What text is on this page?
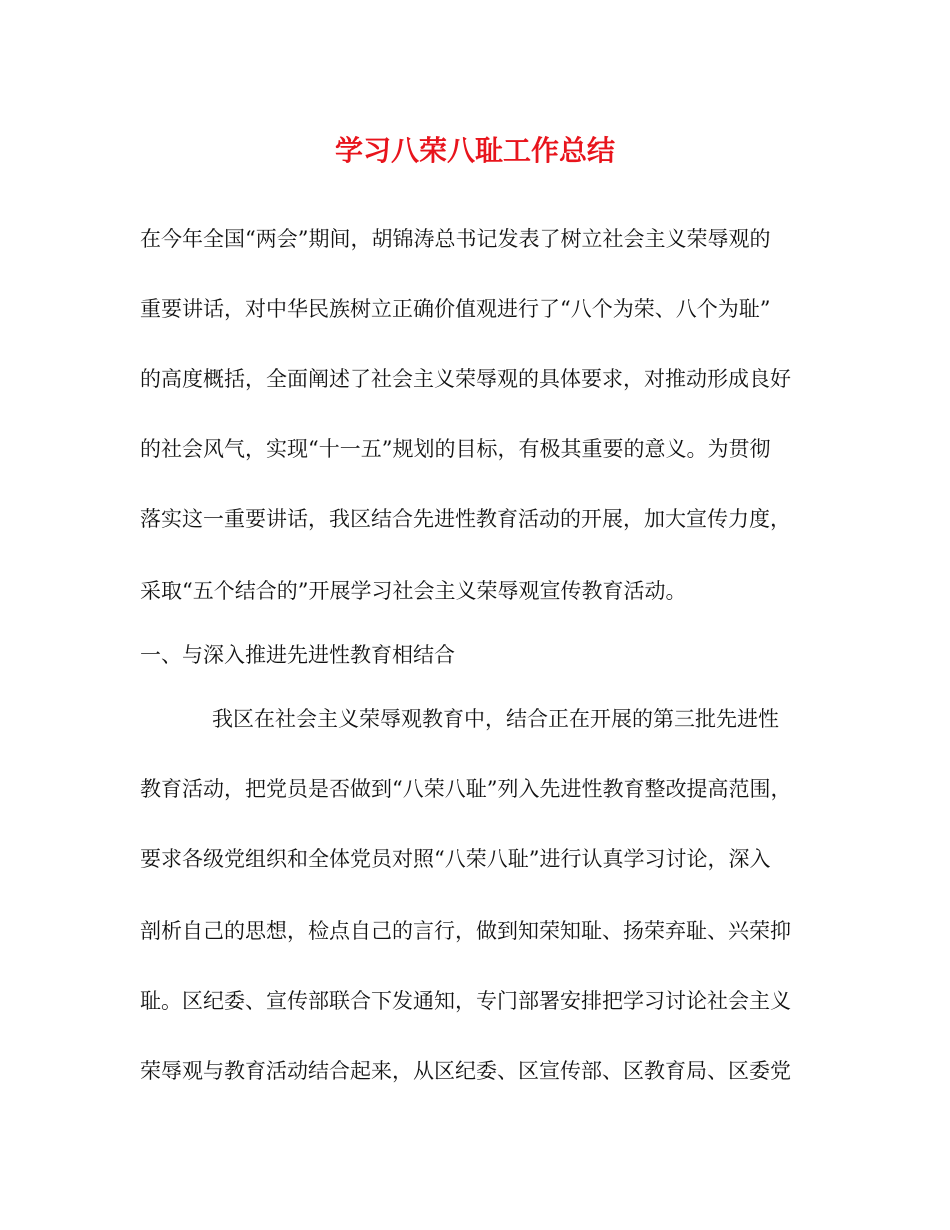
学习八荣八耻工作总结
在今年全国“两会”期间，胡锦涛总书记发表了树立社会主义荣辱观的
重要讲话，对中华民族树立正确价值观进行了“八个为荣、八个为耻”
的高度概括，全面阐述了社会主义荣辱观的具体要求，对推动形成良好
的社会风气，实现“十一五”规划的目标，有极其重要的意义。为贯彻
落实这一重要讲话，我区结合先进性教育活动的开展，加大宣传力度，
采取“五个结合的”开展学习社会主义荣辱观宣传教育活动。
一、与深入推进先进性教育相结合
我区在社会主义荣辱观教育中，结合正在开展的第三批先进性
教育活动，把党员是否做到“八荣八耻”列入先进性教育整改提高范围，
要求各级党组织和全体党员对照“八荣八耻”进行认真学习讨论，深入
剖析自己的思想，检点自己的言行，做到知荣知耻、扬荣弃耻、兴荣抑
耻。区纪委、宣传部联合下发通知，专门部署安排把学习讨论社会主义
荣辱观与教育活动结合起来，从区纪委、区宣传部、区教育局、区委党
